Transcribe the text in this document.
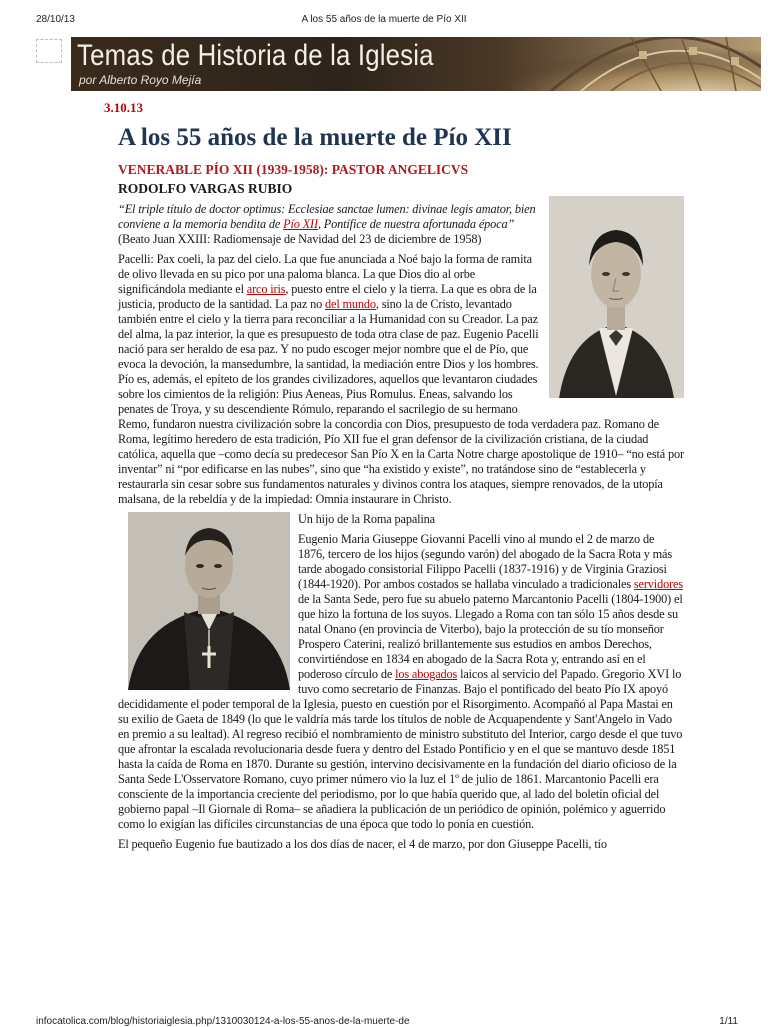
28/10/13	A los 55 años de la muerte de Pío XII
Temas de Historia de la Iglesia
por Alberto Royo Mejía
3.10.13
A los 55 años de la muerte de Pío XII
VENERABLE PÍO XII (1939-1958): PASTOR ANGELICVS
RODOLFO VARGAS RUBIO

“El triple título de doctor optimus: Ecclesiae sanctae lumen: divinae legis amator, bien conviene a la memoria bendita de Pío XII, Pontífice de nuestra afortunada época” (Beato Juan XXIII: Radiomensaje de Navidad del 23 de diciembre de 1958)

Pacelli: Pax coeli, la paz del cielo. La que fue anunciada a Noé bajo la forma de ramita de olivo llevada en su pico por una paloma blanca. La que Dios dio al orbe significándola mediante el arco iris, puesto entre el cielo y la tierra. La que es obra de la justicia, producto de la santidad. La paz no del mundo, sino la de Cristo, levantado también entre el cielo y la tierra para reconciliar a la Humanidad con su Creador. La paz del alma, la paz interior, la que es presupuesto de toda otra clase de paz. Eugenio Pacelli nació para ser heraldo de esa paz. Y no pudo escoger mejor nombre que el de Pío, que evoca la devoción, la mansedumbre, la santidad, la mediación entre Dios y los hombres. Pío es, además, el epíteto de los grandes civilizadores, aquellos que levantaron ciudades sobre los cimientos de la religión: Pius Aeneas, Pius Romulus. Eneas, salvando los penates de Troya, y su descendiente Rómulo, reparando el sacrilegio de su hermano Remo, fundaron nuestra civilización sobre la concordia con Dios, presupuesto de toda verdadera paz. Romano de Roma, legítimo heredero de esta tradición, Pío XII fue el gran defensor de la civilización cristiana, de la ciudad católica, aquella que –como decía su predecesor San Pío X en la Carta Notre charge apostolique de 1910– “no está por inventar” ni “por edificarse en las nubes”, sino que “ha existido y existe”, no tratándose sino de “establecerla y restaurarla sin cesar sobre sus fundamentos naturales y divinos contra los ataques, siempre renovados, de la utopía malsana, de la rebeldía y de la impiedad: Omnia instaurare in Christo.

Un hijo de la Roma papalina

Eugenio Maria Giuseppe Giovanni Pacelli vino al mundo el 2 de marzo de 1876, tercero de los hijos (segundo varón) del abogado de la Sacra Rota y más tarde abogado consistorial Filippo Pacelli (1837-1916) y de Virginia Graziosi (1844-1920). Por ambos costados se hallaba vinculado a tradicionales servidores de la Santa Sede, pero fue su abuelo paterno Marcantonio Pacelli (1804-1900) el que hizo la fortuna de los suyos. Llegado a Roma con tan sólo 15 años desde su natal Onano (en provincia de Viterbo), bajo la protección de su tío monseñor Prospero Caterini, realizó brillantemente sus estudios en ambos Derechos, convirtiéndose en 1834 en abogado de la Sacra Rota y, entrando así en el poderoso círculo de los abogados laicos al servicio del Papado. Gregorio XVI lo tuvo como secretario de Finanzas. Bajo el pontificado del beato Pío IX apoyó decididamente el poder temporal de la Iglesia, puesto en cuestión por el Risorgimento. Acompañó al Papa Mastai en su exilio de Gaeta de 1849 (lo que le valdría más tarde los títulos de noble de Acquapendente y Sant'Angelo in Vado en premio a su lealtad). Al regreso recibió el nombramiento de ministro substituto del Interior, cargo desde el que tuvo que afrontar la escalada revolucionaria desde fuera y dentro del Estado Pontificio y en el que se mantuvo desde 1851 hasta la caída de Roma en 1870. Durante su gestión, intervino decisivamente en la fundación del diario oficioso de la Santa Sede L'Osservatore Romano, cuyo primer número vio la luz el 1º de julio de 1861. Marcantonio Pacelli era consciente de la importancia creciente del periodismo, por lo que había querido que, al lado del boletín oficial del gobierno papal –Il Giornale di Roma– se añadiera la publicación de un periódico de opinión, polémico y aguerrido como lo exigían las difíciles circunstancias de una época que todo lo ponía en cuestión.

El pequeño Eugenio fue bautizado a los dos días de nacer, el 4 de marzo, por don Giuseppe Pacelli, tío

infocatolica.com/blog/historiaiglesia.php/1310030124-a-los-55-anos-de-la-muerte-de	1/11
